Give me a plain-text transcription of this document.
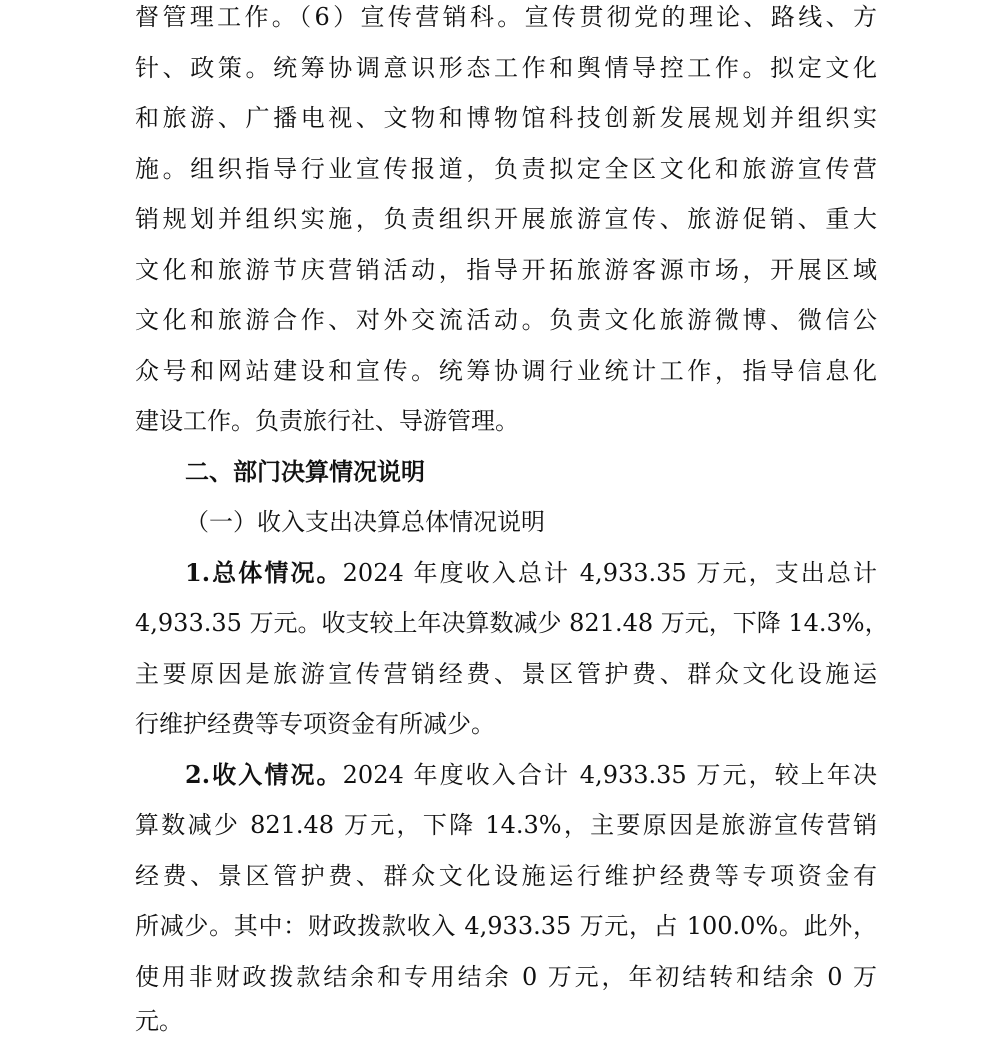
督管理工作。（6）宣传营销科。宣传贯彻党的理论、路线、方
针、政策。统筹协调意识形态工作和舆情导控工作。拟定文化
和旅游、广播电视、文物和博物馆科技创新发展规划并组织实
施。组织指导行业宣传报道，负责拟定全区文化和旅游宣传营
销规划并组织实施，负责组织开展旅游宣传、旅游促销、重大
文化和旅游节庆营销活动，指导开拓旅游客源市场，开展区域
文化和旅游合作、对外交流活动。负责文化旅游微博、微信公
众号和网站建设和宣传。统筹协调行业统计工作，指导信息化
建设工作。负责旅行社、导游管理。
二、部门决算情况说明
（一）收入支出决算总体情况说明
1.总体情况。2024 年度收入总计 4,933.35 万元，支出总计
4,933.35 万元。收支较上年决算数减少 821.48 万元，下降 14.3%，
主要原因是旅游宣传营销经费、景区管护费、群众文化设施运
行维护经费等专项资金有所减少。
2.收入情况。2024 年度收入合计 4,933.35 万元，较上年决
算数减少 821.48 万元，下降 14.3%，主要原因是旅游宣传营销
经费、景区管护费、群众文化设施运行维护经费等专项资金有
所减少。其中：财政拨款收入 4,933.35 万元，占 100.0%。此外，
使用非财政拨款结余和专用结余 0 万元，年初结转和结余 0 万
元。
